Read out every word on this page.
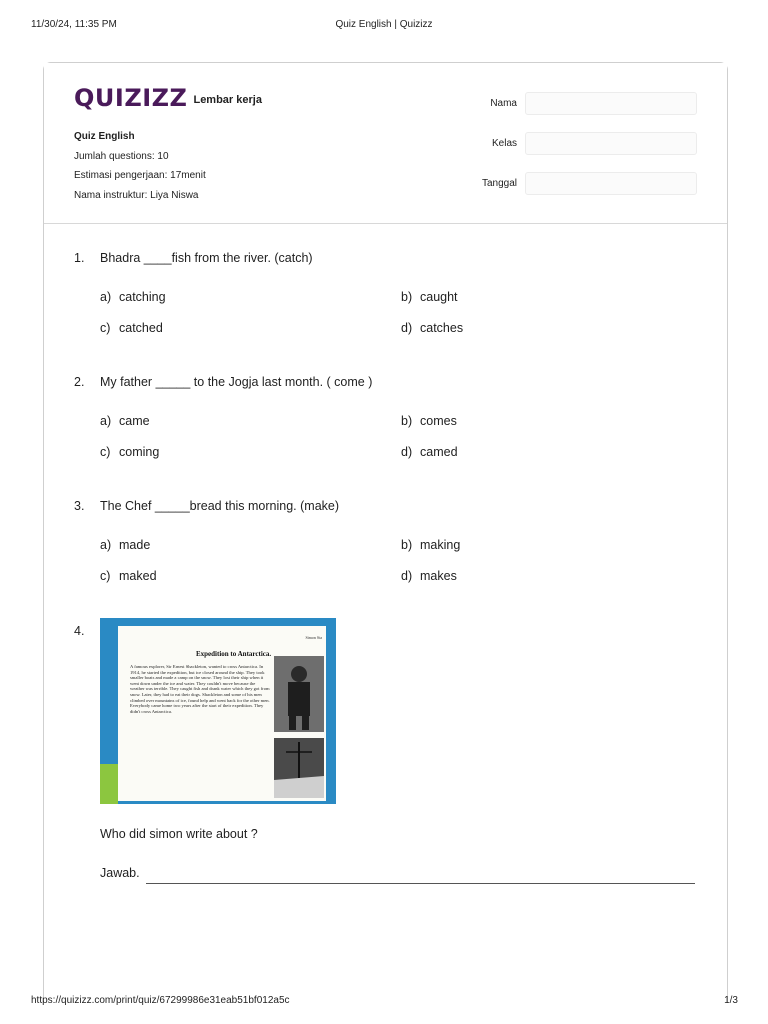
11/30/24, 11:35 PM	Quiz English | Quizizz
QUIZIZZ Lembar kerja
Quiz English
Jumlah questions: 10
Estimasi pengerjaan: 17menit
Nama instruktur: Liya Niswa
Nama
Kelas
Tanggal
1.	Bhadra ____fish from the river. (catch)
a) catching	b) caught
c) catched	d) catches
2.	My father _____ to the Jogja last month. ( come )
a) came	b) comes
c) coming	d) camed
3.	The Chef _____bread this morning. (make)
a) made	b) making
c) maked	d) makes
4.	Simon Sta
Expedition to Antarctica.
A famous explorer, Sir Ernest Shackleton, wanted to cross Antarctica. In 1914, he started the expedition, but ice closed around the ship. They took smaller boats and made a camp on the snow. They lost their ship when it went down under the ice and water. They couldn't move because the weather was terrible. They caught fish and drank water which they got from snow. Later, they had to eat their dogs. Shackleton and some of his men climbed over mountains of ice, found help and went back for the other men. Everybody came home two years after the start of their expedition. They didn't cross Antarctica.
Who did simon write about ?
Jawab.
https://quizizz.com/print/quiz/67299986e31eab51bf012a5c	1/3
